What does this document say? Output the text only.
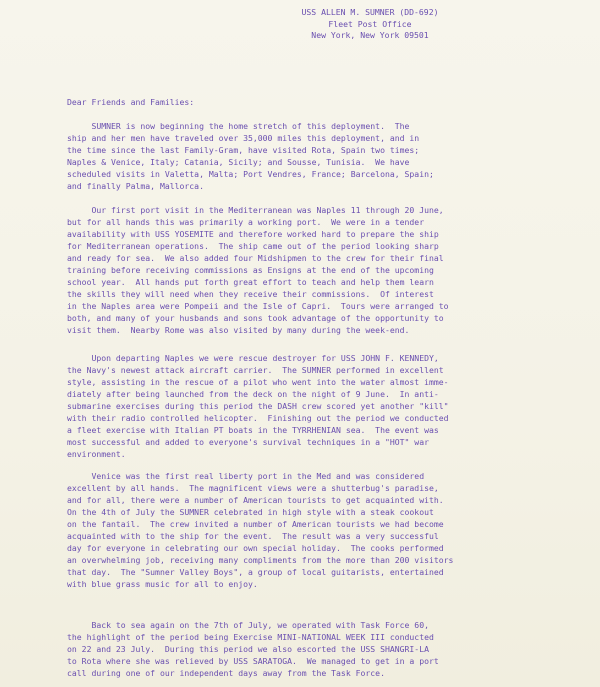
USS ALLEN M. SUMNER (DD-692)
Fleet Post Office
New York, New York 09501
Dear Friends and Families:
SUMNER is now beginning the home stretch of this deployment.  The
ship and her men have traveled over 35,000 miles this deployment, and in
the time since the last Family-Gram, have visited Rota, Spain two times;
Naples & Venice, Italy; Catania, Sicily; and Sousse, Tunisia.  We have
scheduled visits in Valetta, Malta; Port Vendres, France; Barcelona, Spain;
and finally Palma, Mallorca.
Our first port visit in the Mediterranean was Naples 11 through 20 June,
but for all hands this was primarily a working port.  We were in a tender
availability with USS YOSEMITE and therefore worked hard to prepare the ship
for Mediterranean operations.  The ship came out of the period looking sharp
and ready for sea.  We also added four Midshipmen to the crew for their final
training before receiving commissions as Ensigns at the end of the upcoming
school year.  All hands put forth great effort to teach and help them learn
the skills they will need when they receive their commissions.  Of interest
in the Naples area were Pompeii and the Isle of Capri.  Tours were arranged to
both, and many of your husbands and sons took advantage of the opportunity to
visit them.  Nearby Rome was also visited by many during the week-end.
Upon departing Naples we were rescue destroyer for USS JOHN F. KENNEDY,
the Navy's newest attack aircraft carrier.  The SUMNER performed in excellent
style, assisting in the rescue of a pilot who went into the water almost imme-
diately after being launched from the deck on the night of 9 June.  In anti-
submarine exercises during this period the DASH crew scored yet another "kill"
with their radio controlled helicopter.  Finishing out the period we conducted
a fleet exercise with Italian PT boats in the TYRRHENIAN sea.  The event was
most successful and added to everyone's survival techniques in a "HOT" war
environment.
Venice was the first real liberty port in the Med and was considered
excellent by all hands.  The magnificent views were a shutterbug's paradise,
and for all, there were a number of American tourists to get acquainted with.
On the 4th of July the SUMNER celebrated in high style with a steak cookout
on the fantail.  The crew invited a number of American tourists we had become
acquainted with to the ship for the event.  The result was a very successful
day for everyone in celebrating our own special holiday.  The cooks performed
an overwhelming job, receiving many compliments from the more than 200 visitors
that day.  The "Sumner Valley Boys", a group of local guitarists, entertained
with blue grass music for all to enjoy.
Back to sea again on the 7th of July, we operated with Task Force 60,
the highlight of the period being Exercise MINI-NATIONAL WEEK III conducted
on 22 and 23 July.  During this period we also escorted the USS SHANGRI-LA
to Rota where she was relieved by USS SARATOGA.  We managed to get in a port
call during one of our independent days away from the Task Force.
